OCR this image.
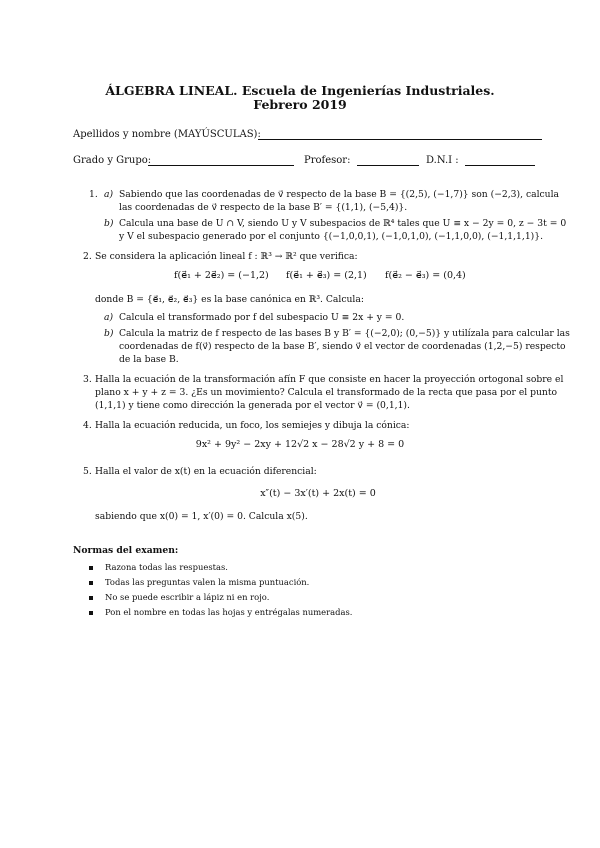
ÁLGEBRA LINEAL. Escuela de Ingenierías Industriales.
Febrero 2019
Apellidos y nombre (MAYÚSCULAS):
Grado y Grupo:	Profesor:	D.N.I :
1. a) Sabiendo que las coordenadas de v⃗ respecto de la base B = {(2,5), (−1,7)} son (−2,3), calcula
las coordenadas de v⃗ respecto de la base B′ = {(1,1), (−5,4)}.
b) Calcula una base de U ∩ V, siendo U y V subespacios de ℝ⁴ tales que U ≡ x − 2y = 0, z − 3t = 0
y V el subespacio generado por el conjunto {(−1,0,0,1), (−1,0,1,0), (−1,1,0,0), (−1,1,1,1)}.
2. Se considera la aplicación lineal f : ℝ³ → ℝ² que verifica:
f(e⃗₁ + 2e⃗₂) = (−1,2) f(e⃗₁ + e⃗₃) = (2,1) f(e⃗₂ − e⃗₃) = (0,4)
donde B = {e⃗₁, e⃗₂, e⃗₃} es la base canónica en ℝ³. Calcula:
a) Calcula el transformado por f del subespacio U ≡ 2x + y = 0.
b) Calcula la matriz de f respecto de las bases B y B′ = {(−2,0); (0,−5)} y utilízala para calcular las
coordenadas de f(v⃗) respecto de la base B′, siendo v⃗ el vector de coordenadas (1,2,−5) respecto
de la base B.
3. Halla la ecuación de la transformación afín F que consiste en hacer la proyección ortogonal sobre el
plano x + y + z = 3. ¿Es un movimiento? Calcula el transformado de la recta que pasa por el punto
(1,1,1) y tiene como dirección la generada por el vector v⃗ = (0,1,1).
4. Halla la ecuación reducida, un foco, los semiejes y dibuja la cónica:
9x² + 9y² − 2xy + 12√2 x − 28√2 y + 8 = 0
5. Halla el valor de x(t) en la ecuación diferencial:
x″(t) − 3x′(t) + 2x(t) = 0
sabiendo que x(0) = 1, x′(0) = 0. Calcula x(5).
Normas del examen:
Razona todas las respuestas.
Todas las preguntas valen la misma puntuación.
No se puede escribir a lápiz ni en rojo.
Pon el nombre en todas las hojas y entrégalas numeradas.
